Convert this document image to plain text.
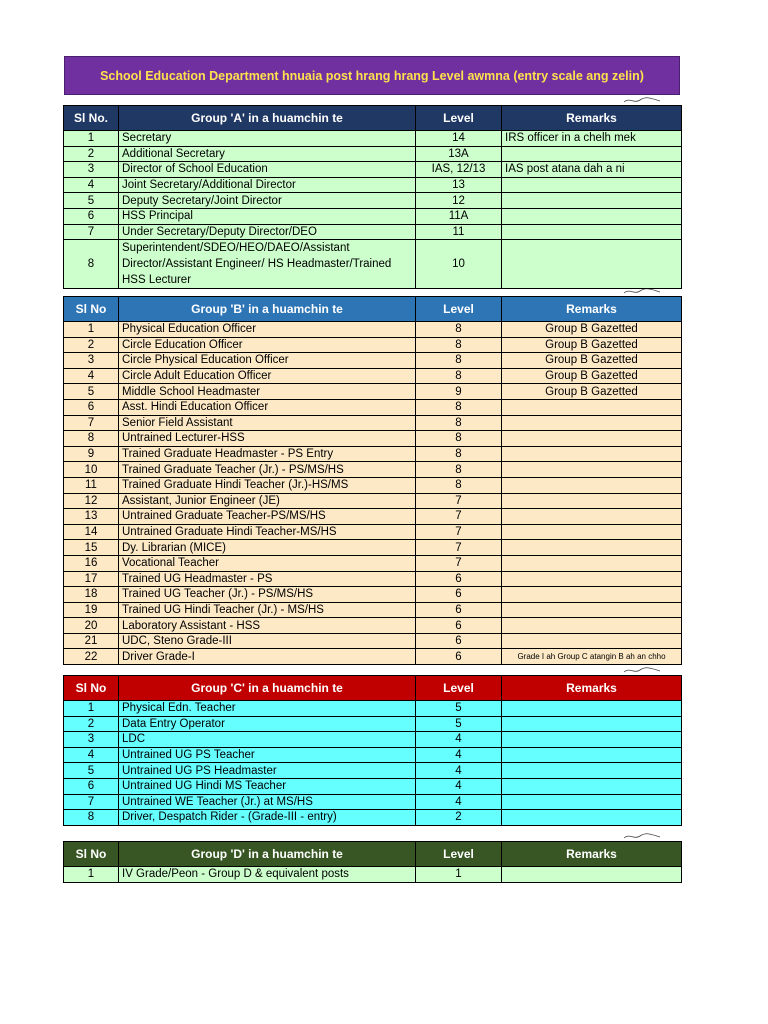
School Education Department hnuaia post hrang hrang Level awmna (entry scale ang zelin)
Sl No.	Group 'A' in a huamchin te	Level	Remarks
1	Secretary	14	IRS officer in a chelh mek
2	Additional Secretary	13A	
3	Director of School Education	IAS, 12/13	IAS post atana dah a ni
4	Joint Secretary/Additional Director	13	
5	Deputy Secretary/Joint Director	12	
6	HSS Principal	11A	
7	Under Secretary/Deputy Director/DEO	11	
8	Superintendent/SDEO/HEO/DAEO/Assistant Director/Assistant Engineer/ HS Headmaster/Trained HSS Lecturer	10	
Sl No	Group 'B' in a huamchin te	Level	Remarks
1	Physical Education Officer	8	Group B Gazetted
2	Circle Education Officer	8	Group B Gazetted
3	Circle Physical Education Officer	8	Group B Gazetted
4	Circle Adult Education Officer	8	Group B Gazetted
5	Middle School Headmaster	9	Group B Gazetted
6	Asst. Hindi Education Officer	8	
7	Senior Field Assistant	8	
8	Untrained Lecturer-HSS	8	
9	Trained Graduate Headmaster - PS Entry	8	
10	Trained Graduate Teacher (Jr.) - PS/MS/HS	8	
11	Trained Graduate Hindi Teacher (Jr.)-HS/MS	8	
12	Assistant, Junior Engineer (JE)	7	
13	Untrained Graduate Teacher-PS/MS/HS	7	
14	Untrained Graduate Hindi Teacher-MS/HS	7	
15	Dy. Librarian (MICE)	7	
16	Vocational Teacher	7	
17	Trained UG Headmaster - PS	6	
18	Trained UG Teacher (Jr.) - PS/MS/HS	6	
19	Trained UG Hindi Teacher (Jr.) - MS/HS	6	
20	Laboratory Assistant - HSS	6	
21	UDC, Steno Grade-III	6	
22	Driver Grade-I	6	Grade I ah Group C atangin B ah an chho
Sl No	Group 'C' in a huamchin te	Level	Remarks
1	Physical Edn. Teacher	5	
2	Data Entry Operator	5	
3	LDC	4	
4	Untrained UG PS Teacher	4	
5	Untrained UG PS Headmaster	4	
6	Untrained UG Hindi MS Teacher	4	
7	Untrained WE Teacher (Jr.) at MS/HS	4	
8	Driver, Despatch Rider - (Grade-III - entry)	2	
Sl No	Group 'D' in a huamchin te	Level	Remarks
1	IV Grade/Peon - Group D & equivalent posts	1	
